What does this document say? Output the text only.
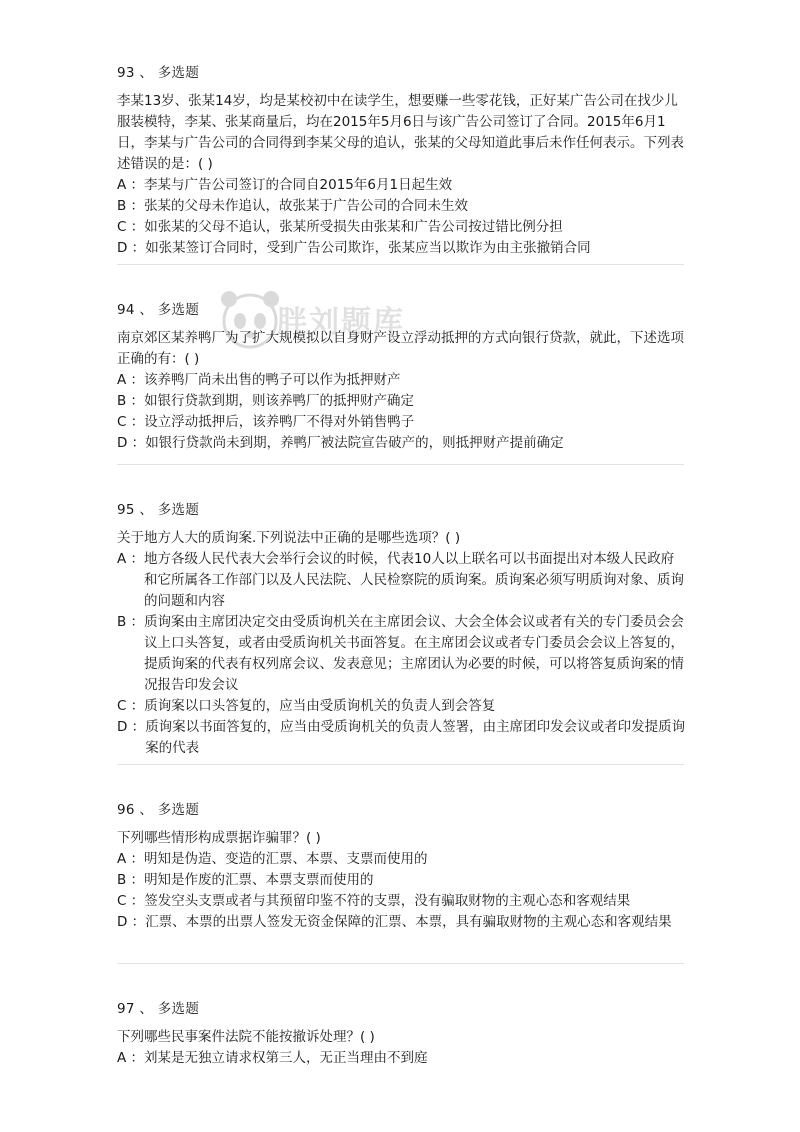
胖刘题库
93 、 多选题
李某13岁、张某14岁，均是某校初中在读学生，想要赚一些零花钱，正好某广告公司在找少儿服装模特，李某、张某商量后，均在2015年5月6日与该广告公司签订了合同。2015年6月1日，李某与广告公司的合同得到李某父母的追认，张某的父母知道此事后未作任何表示。下列表述错误的是：( )
A ： 李某与广告公司签订的合同自2015年6月1日起生效
B ： 张某的父母未作追认，故张某于广告公司的合同未生效
C ： 如张某的父母不追认，张某所受损失由张某和广告公司按过错比例分担
D ： 如张某签订合同时，受到广告公司欺诈，张某应当以欺诈为由主张撤销合同
94 、 多选题
南京郊区某养鸭厂为了扩大规模拟以自身财产设立浮动抵押的方式向银行贷款，就此，下述选项正确的有：( )
A ： 该养鸭厂尚未出售的鸭子可以作为抵押财产
B ： 如银行贷款到期，则该养鸭厂的抵押财产确定
C ： 设立浮动抵押后，该养鸭厂不得对外销售鸭子
D ： 如银行贷款尚未到期，养鸭厂被法院宣告破产的，则抵押财产提前确定
95 、 多选题
关于地方人大的质询案.下列说法中正确的是哪些选项？( )
A ： 地方各级人民代表大会举行会议的时候，代表10人以上联名可以书面提出对本级人民政府和它所属各工作部门以及人民法院、人民检察院的质询案。质询案必须写明质询对象、质询的问题和内容
B ： 质询案由主席团决定交由受质询机关在主席团会议、大会全体会议或者有关的专门委员会会议上口头答复，或者由受质询机关书面答复。在主席团会议或者专门委员会会议上答复的，提质询案的代表有权列席会议、发表意见；主席团认为必要的时候，可以将答复质询案的情况报告印发会议
C ： 质询案以口头答复的，应当由受质询机关的负责人到会答复
D ： 质询案以书面答复的，应当由受质询机关的负责人签署，由主席团印发会议或者印发提质询案的代表
96 、 多选题
下列哪些情形构成票据诈骗罪？( )
A ： 明知是伪造、变造的汇票、本票、支票而使用的
B ： 明知是作废的汇票、本票支票而使用的
C ： 签发空头支票或者与其预留印鉴不符的支票，没有骗取财物的主观心态和客观结果
D ： 汇票、本票的出票人签发无资金保障的汇票、本票，具有骗取财物的主观心态和客观结果
97 、 多选题
下列哪些民事案件法院不能按撤诉处理？( )
A ： 刘某是无独立请求权第三人，无正当理由不到庭
